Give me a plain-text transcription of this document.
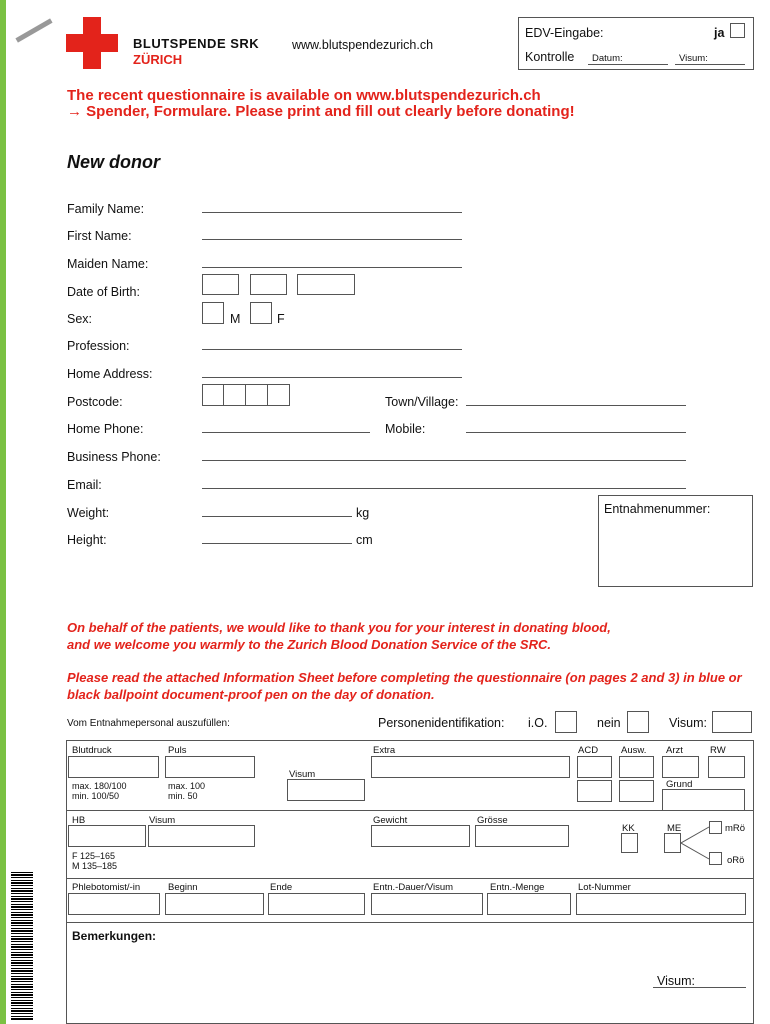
BLUTSPENDE SRK
ZÜRICH
www.blutspendezurich.ch
EDV-Eingabe:	ja
Kontrolle Datum:	Visum:
The recent questionnaire is available on www.blutspendezurich.ch
→ Spender, Formulare. Please print and fill out clearly before donating!
New donor
Family Name:
First Name:
Maiden Name:
Date of Birth:
Sex:	M	F
Profession:
Home Address:
Postcode:	Town/Village:
Home Phone:	Mobile:
Business Phone:
Email:
Weight:	kg
Height:	cm
Entnahmenummer:
On behalf of the patients, we would like to thank you for your interest in donating blood,
and we welcome you warmly to the Zurich Blood Donation Service of the SRC.
Please read the attached Information Sheet before completing the questionnaire (on pages 2 and 3) in blue or
black ballpoint document-proof pen on the day of donation.
Vom Entnahmepersonal auszufüllen:	Personenidentifikation: i.O.	nein	Visum:
Blutdruck
max. 180/100
min. 100/50
Puls
max. 100
min. 50
Visum
Extra	ACD Ausw. Arzt	RW
Grund
HB	Visum
F 125–165
M 135–185
Gewicht	Grösse
KK	ME	mRö
oRö
Phlebotomist/-in	Beginn	Ende	Entn.-Dauer/Visum	Entn.-Menge	Lot-Nummer
Bemerkungen:
Visum:
